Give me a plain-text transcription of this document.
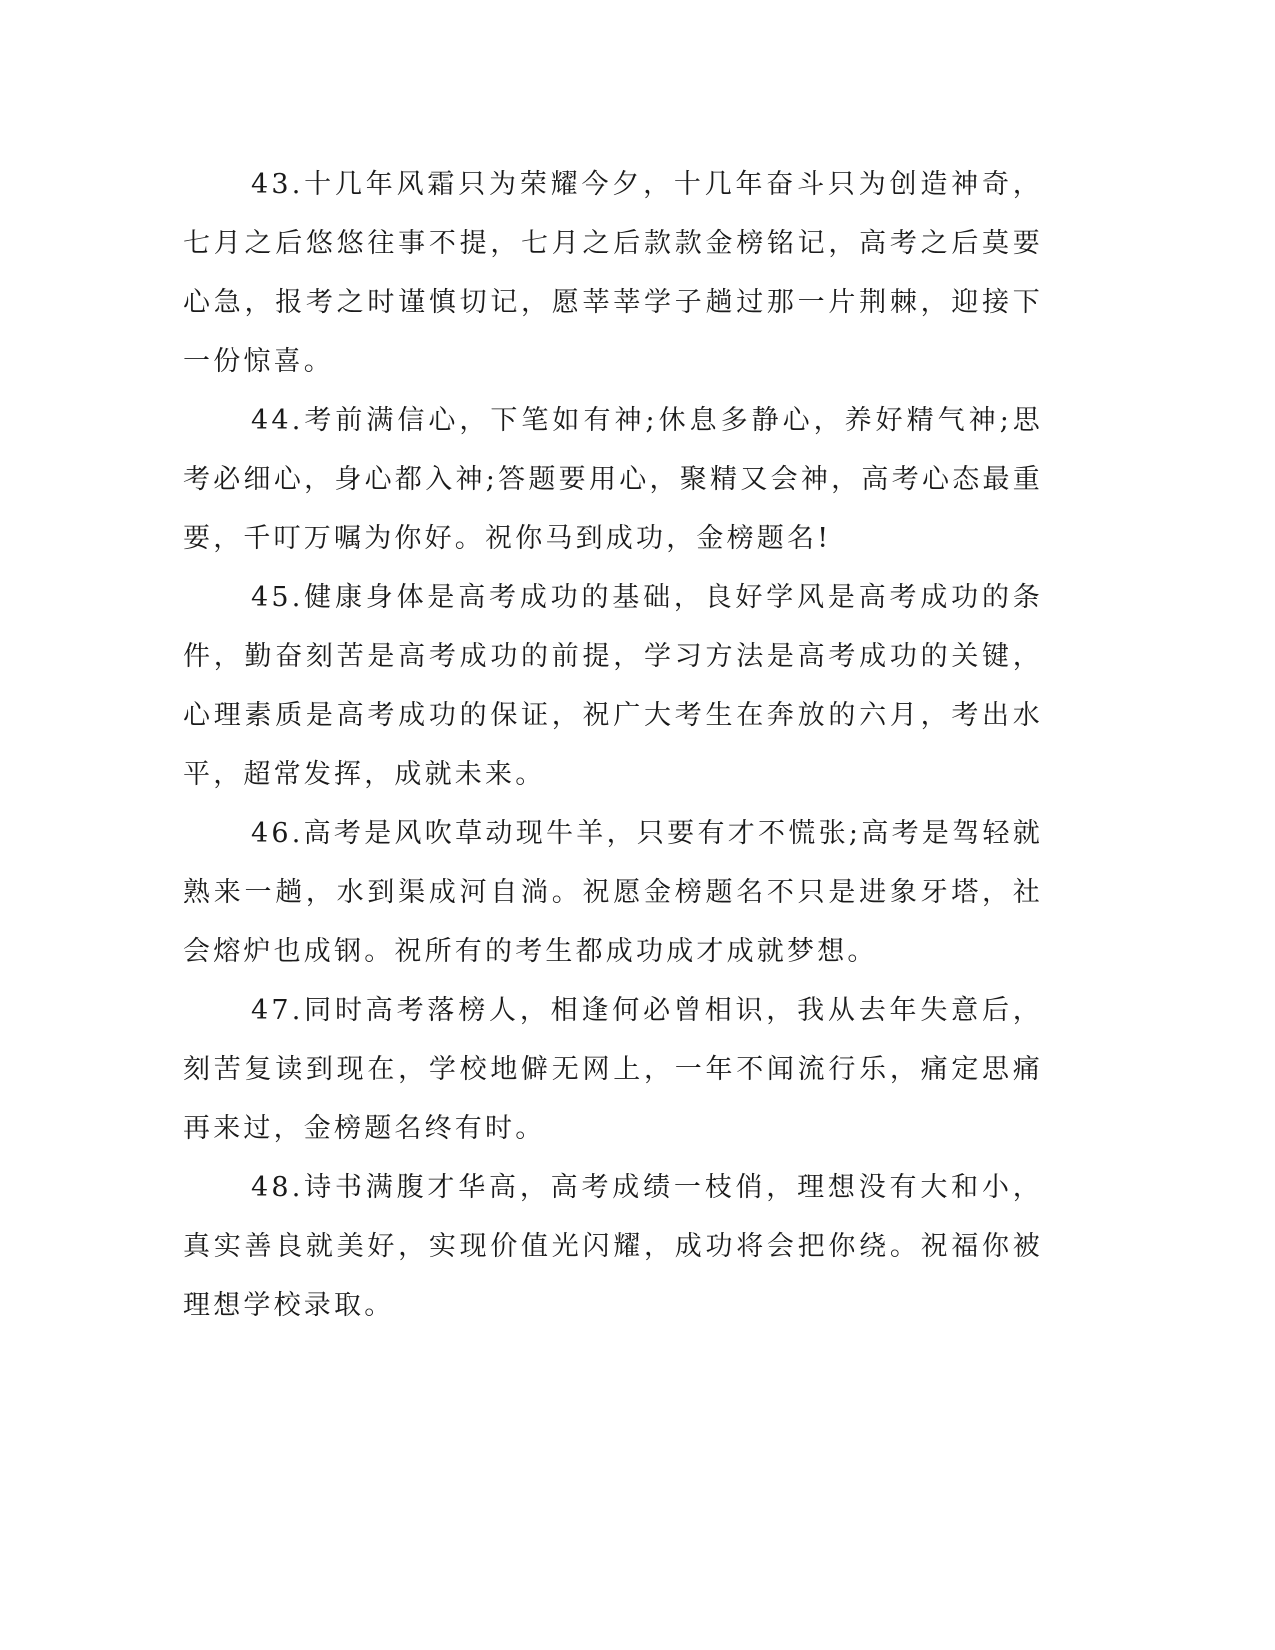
43.十几年风霜只为荣耀今夕，十几年奋斗只为创造神奇，七月之后悠悠往事不提，七月之后款款金榜铭记，高考之后莫要心急，报考之时谨慎切记，愿莘莘学子趟过那一片荆棘，迎接下一份惊喜。

44.考前满信心，下笔如有神;休息多静心，养好精气神;思考必细心，身心都入神;答题要用心，聚精又会神，高考心态最重要，千叮万嘱为你好。祝你马到成功，金榜题名!

45.健康身体是高考成功的基础，良好学风是高考成功的条件，勤奋刻苦是高考成功的前提，学习方法是高考成功的关键，心理素质是高考成功的保证，祝广大考生在奔放的六月，考出水平，超常发挥，成就未来。

46.高考是风吹草动现牛羊，只要有才不慌张;高考是驾轻就熟来一趟，水到渠成河自淌。祝愿金榜题名不只是进象牙塔，社会熔炉也成钢。祝所有的考生都成功成才成就梦想。

47.同时高考落榜人，相逢何必曾相识，我从去年失意后，刻苦复读到现在，学校地僻无网上，一年不闻流行乐，痛定思痛再来过，金榜题名终有时。

48.诗书满腹才华高，高考成绩一枝俏，理想没有大和小，真实善良就美好，实现价值光闪耀，成功将会把你绕。祝福你被理想学校录取。
